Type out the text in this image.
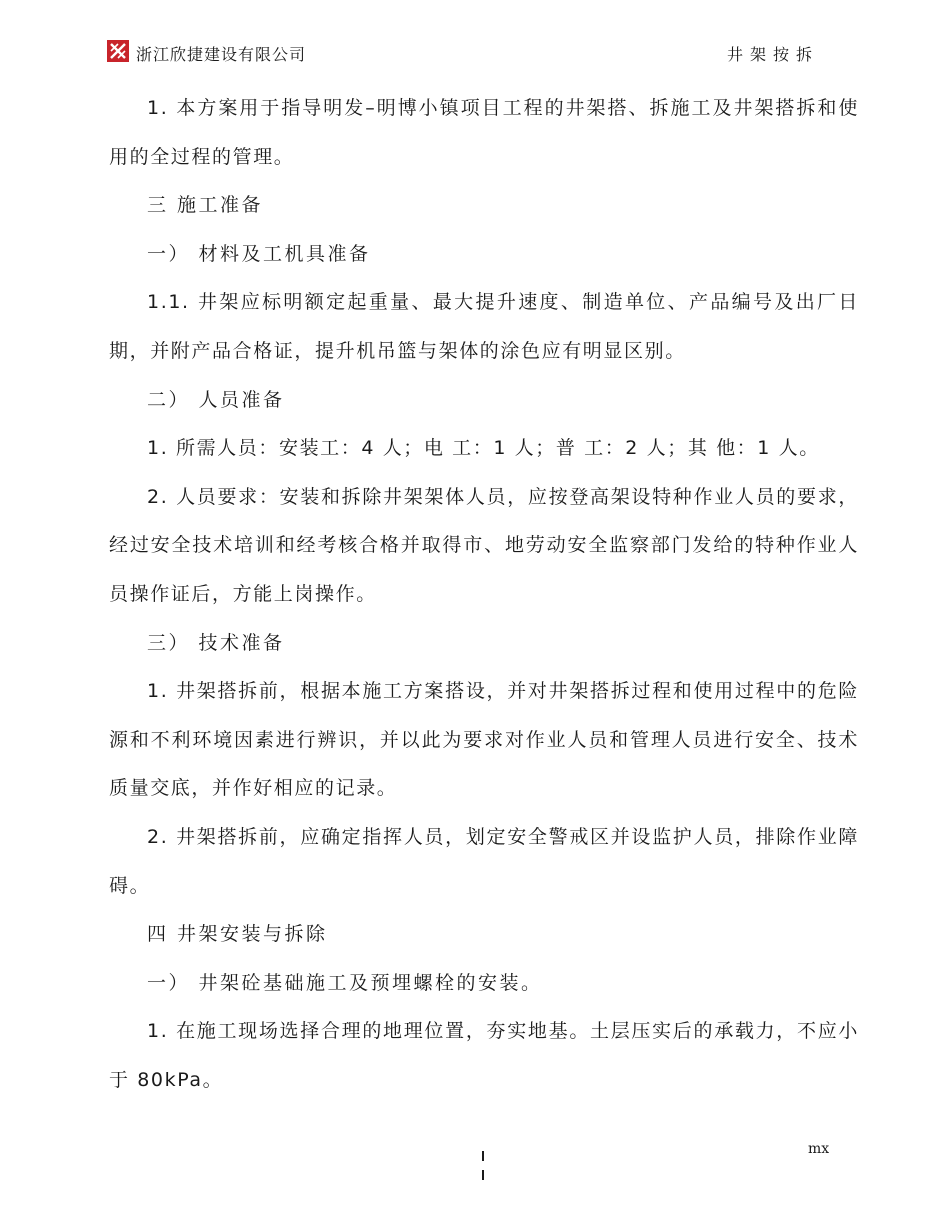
浙江欣捷建设有限公司	井架按拆

1. 本方案用于指导明发–明博小镇项目工程的井架搭、拆施工及井架搭拆和使用的全过程的管理。

三 施工准备

一） 材料及工机具准备

1.1. 井架应标明额定起重量、最大提升速度、制造单位、产品编号及出厂日期，并附产品合格证，提升机吊篮与架体的涂色应有明显区别。

二） 人员准备

1. 所需人员：安装工：4 人；电 工：1 人；普 工：2 人；其 他：1 人。

2. 人员要求：安装和拆除井架架体人员，应按登高架设特种作业人员的要求，经过安全技术培训和经考核合格并取得市、地劳动安全监察部门发给的特种作业人员操作证后，方能上岗操作。

三） 技术准备

1. 井架搭拆前，根据本施工方案搭设，并对井架搭拆过程和使用过程中的危险源和不利环境因素进行辨识，并以此为要求对作业人员和管理人员进行安全、技术质量交底，并作好相应的记录。

2. 井架搭拆前，应确定指挥人员，划定安全警戒区并设监护人员，排除作业障碍。

四 井架安装与拆除

一） 井架砼基础施工及预埋螺栓的安装。

1. 在施工现场选择合理的地理位置，夯实地基。土层压实后的承载力，不应小于 80kPa。

mx
